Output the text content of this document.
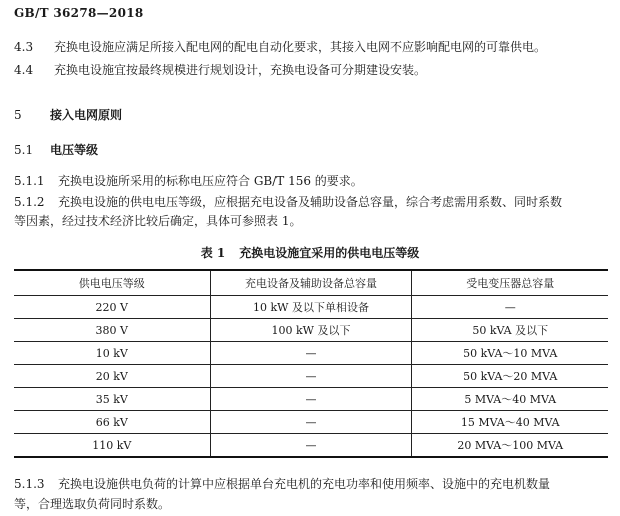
GB/T 36278—2018
4.3 充换电设施应满足所接入配电网的配电自动化要求，其接入电网不应影响配电网的可靠供电。
4.4 充换电设施宜按最终规模进行规划设计，充换电设备可分期建设安装。
5 接入电网原则
5.1 电压等级
5.1.1 充换电设施所采用的标称电压应符合 GB/T 156 的要求。
5.1.2 充换电设施的供电电压等级，应根据充电设备及辅助设备总容量，综合考虑需用系数、同时系数
等因素，经过技术经济比较后确定，具体可参照表 1。
表 1 充换电设施宜采用的供电电压等级
供电电压等级	充电设备及辅助设备总容量	受电变压器总容量
220 V	10 kW 及以下单相设备	—
380 V	100 kW 及以下	50 kVA 及以下
10 kV	—	50 kVA～10 MVA
20 kV	—	50 kVA～20 MVA
35 kV	—	5 MVA～40 MVA
66 kV	—	15 MVA～40 MVA
110 kV	—	20 MVA～100 MVA
5.1.3 充换电设施供电负荷的计算中应根据单台充电机的充电功率和使用频率、设施中的充电机数量
等，合理选取负荷同时系数。
